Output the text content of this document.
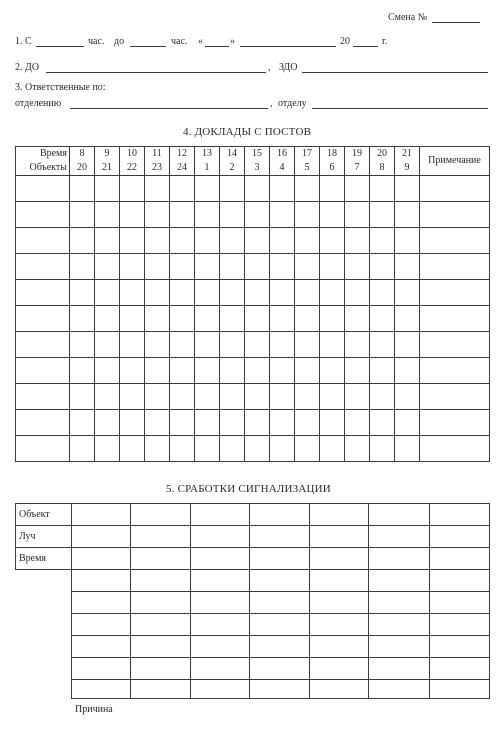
Смена №
1. С	час. до	час. «	»	20	г.
2. ДО	, ЗДО
3. Ответственные по:
отделению	, отделу
4. ДОКЛАДЫ С ПОСТОВ
Время	8	9	10	11	12	13	14	15	16	17	18	19	20	21	Примечание
Объекты	20	21	22	23	24	1	2	3	4	5	6	7	8	9	

5. СРАБОТКИ СИГНАЛИЗАЦИИ
Объект							
Луч							
Время							

Причина
